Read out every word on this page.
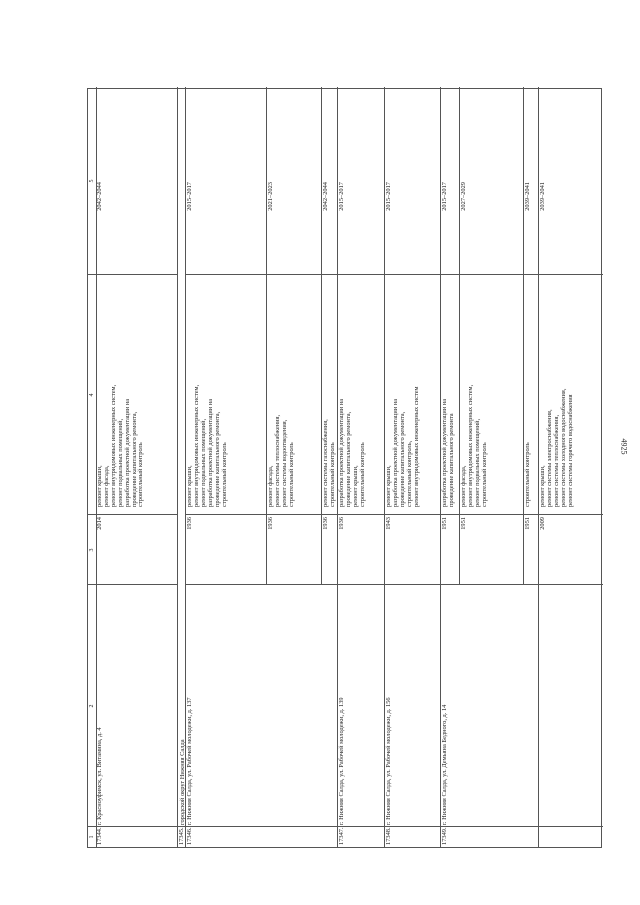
4925
1
2
3
4
5
17344.
г. Красноуфимск, ул. Витамина, д. 4
2014
ремонт крыши, ремонт фасада, ремонт внутридомовых инженерных систем, ремонт подвальных помещений, разработка проектной документации на проведение капитального ремонта, строительный контроль
2042–2044
17345.
городской округ Нижняя Салда
17346.
г. Нижняя Салда, ул. Рабочей молодежи, д. 137
1936
ремонт крыши, ремонт внутридомовых инженерных систем, ремонт подвальных помещений, разработка проектной документации на проведение капитального ремонта, строительный контроль
2015–2017
1936
ремонт фасада, ремонт системы теплоснабжения, ремонт системы водоотведения, строительный контроль
2021–2023
1936
ремонт системы газоснабжения, строительный контроль
2042–2044
17347.
г. Нижняя Салда, ул. Рабочей молодежи, д. 139
1936
разработка проектной документации на проведение капитального ремонта, ремонт крыши, строительный контроль
2015–2017
17348.
г. Нижняя Салда, ул. Рабочей молодежи, д. 156
1943
ремонт крыши, разработка проектной документации на проведение капитального ремонта, строительный контроль, ремонт внутридомовых инженерных систем
2015–2017
17349.
г. Нижняя Салда, ул. Демьяна Бедного, д. 14
1951
разработка проектной документации на проведение капитального ремонта
2015–2017
1951
ремонт фасада, ремонт внутридомовых инженерных систем, ремонт подвальных помещений, строительный контроль
2027–2029
1951
строительный контроль
2039–2041
2009
ремонт крыши, ремонт системы электроснабжения, ремонт системы теплоснабжения, ремонт системы холодного водоснабжения, ремонт системы горячего водоснабжения
2039–2041
